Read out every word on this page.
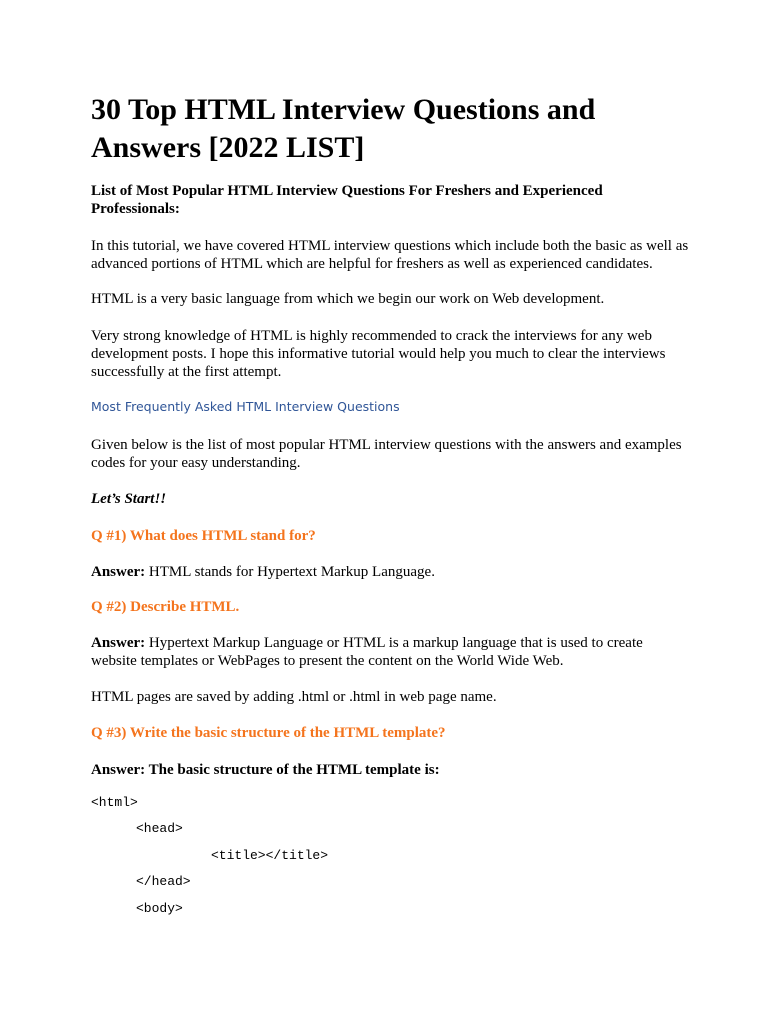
30 Top HTML Interview Questions and Answers [2022 LIST]

List of Most Popular HTML Interview Questions For Freshers and Experienced Professionals:

In this tutorial, we have covered HTML interview questions which include both the basic as well as advanced portions of HTML which are helpful for freshers as well as experienced candidates.

HTML is a very basic language from which we begin our work on Web development.

Very strong knowledge of HTML is highly recommended to crack the interviews for any web development posts. I hope this informative tutorial would help you much to clear the interviews successfully at the first attempt.

Most Frequently Asked HTML Interview Questions

Given below is the list of most popular HTML interview questions with the answers and examples codes for your easy understanding.

Let’s Start!!

Q #1) What does HTML stand for?

Answer: HTML stands for Hypertext Markup Language.

Q #2) Describe HTML.

Answer: Hypertext Markup Language or HTML is a markup language that is used to create website templates or WebPages to present the content on the World Wide Web.

HTML pages are saved by adding .html or .html in web page name.

Q #3) Write the basic structure of the HTML template?

Answer: The basic structure of the HTML template is:

<html>
<head>
<title></title>
</head>
<body>
